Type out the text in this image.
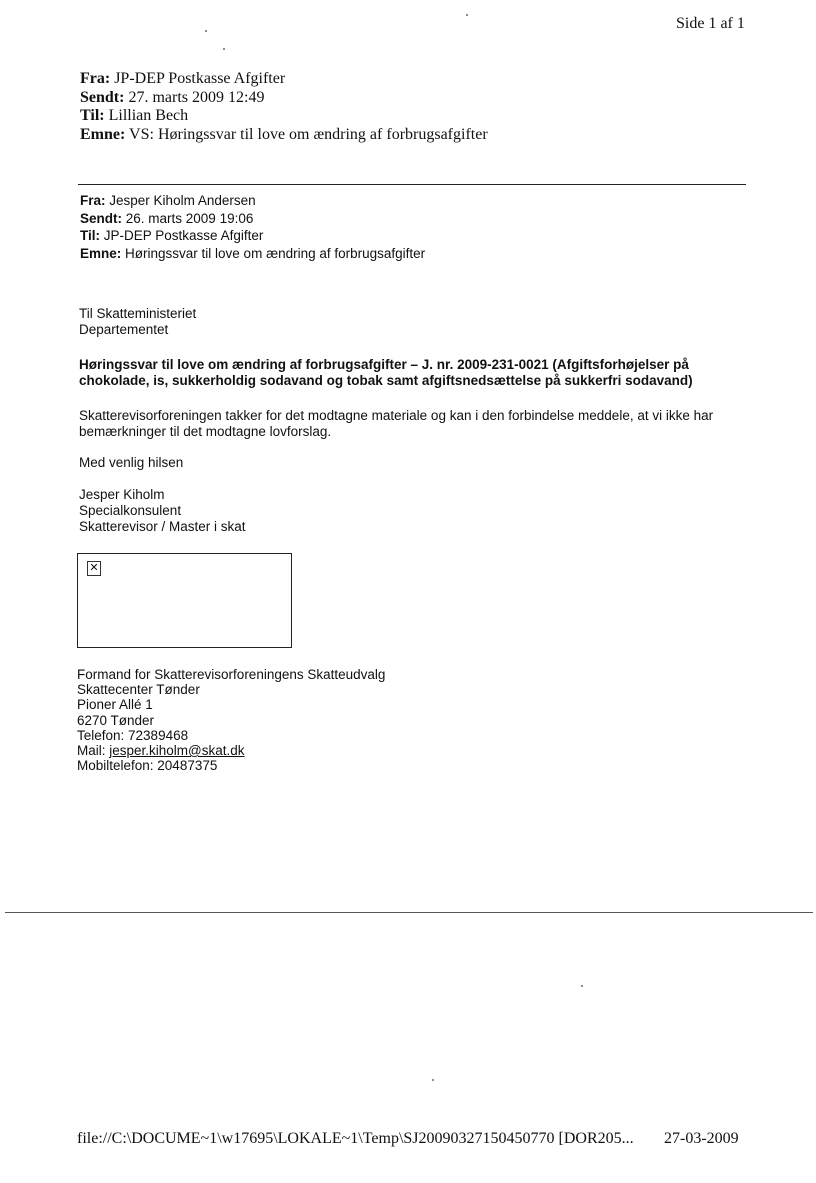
Side 1 af 1
Fra: JP-DEP Postkasse Afgifter
Sendt: 27. marts 2009 12:49
Til: Lillian Bech
Emne: VS: Høringssvar til love om ændring af forbrugsafgifter
Fra: Jesper Kiholm Andersen
Sendt: 26. marts 2009 19:06
Til: JP-DEP Postkasse Afgifter
Emne: Høringssvar til love om ændring af forbrugsafgifter
Til Skatteministeriet
Departementet
Høringssvar til love om ændring af forbrugsafgifter – J. nr. 2009-231-0021 (Afgiftsforhøjelser på
chokolade, is, sukkerholdig sodavand og tobak samt afgiftsnedsættelse på sukkerfri sodavand)
Skatterevisorforeningen takker for det modtagne materiale og kan i den forbindelse meddele, at vi ikke har
bemærkninger til det modtagne lovforslag.
Med venlig hilsen
Jesper Kiholm
Specialkonsulent
Skatterevisor / Master i skat
✕
Formand for Skatterevisorforeningens Skatteudvalg
Skattecenter Tønder
Pioner Allé 1
6270 Tønder
Telefon: 72389468
Mail: jesper.kiholm@skat.dk
Mobiltelefon: 20487375
file://C:\DOCUME~1\w17695\LOKALE~1\Temp\SJ20090327150450770 [DOR205... 27-03-2009
